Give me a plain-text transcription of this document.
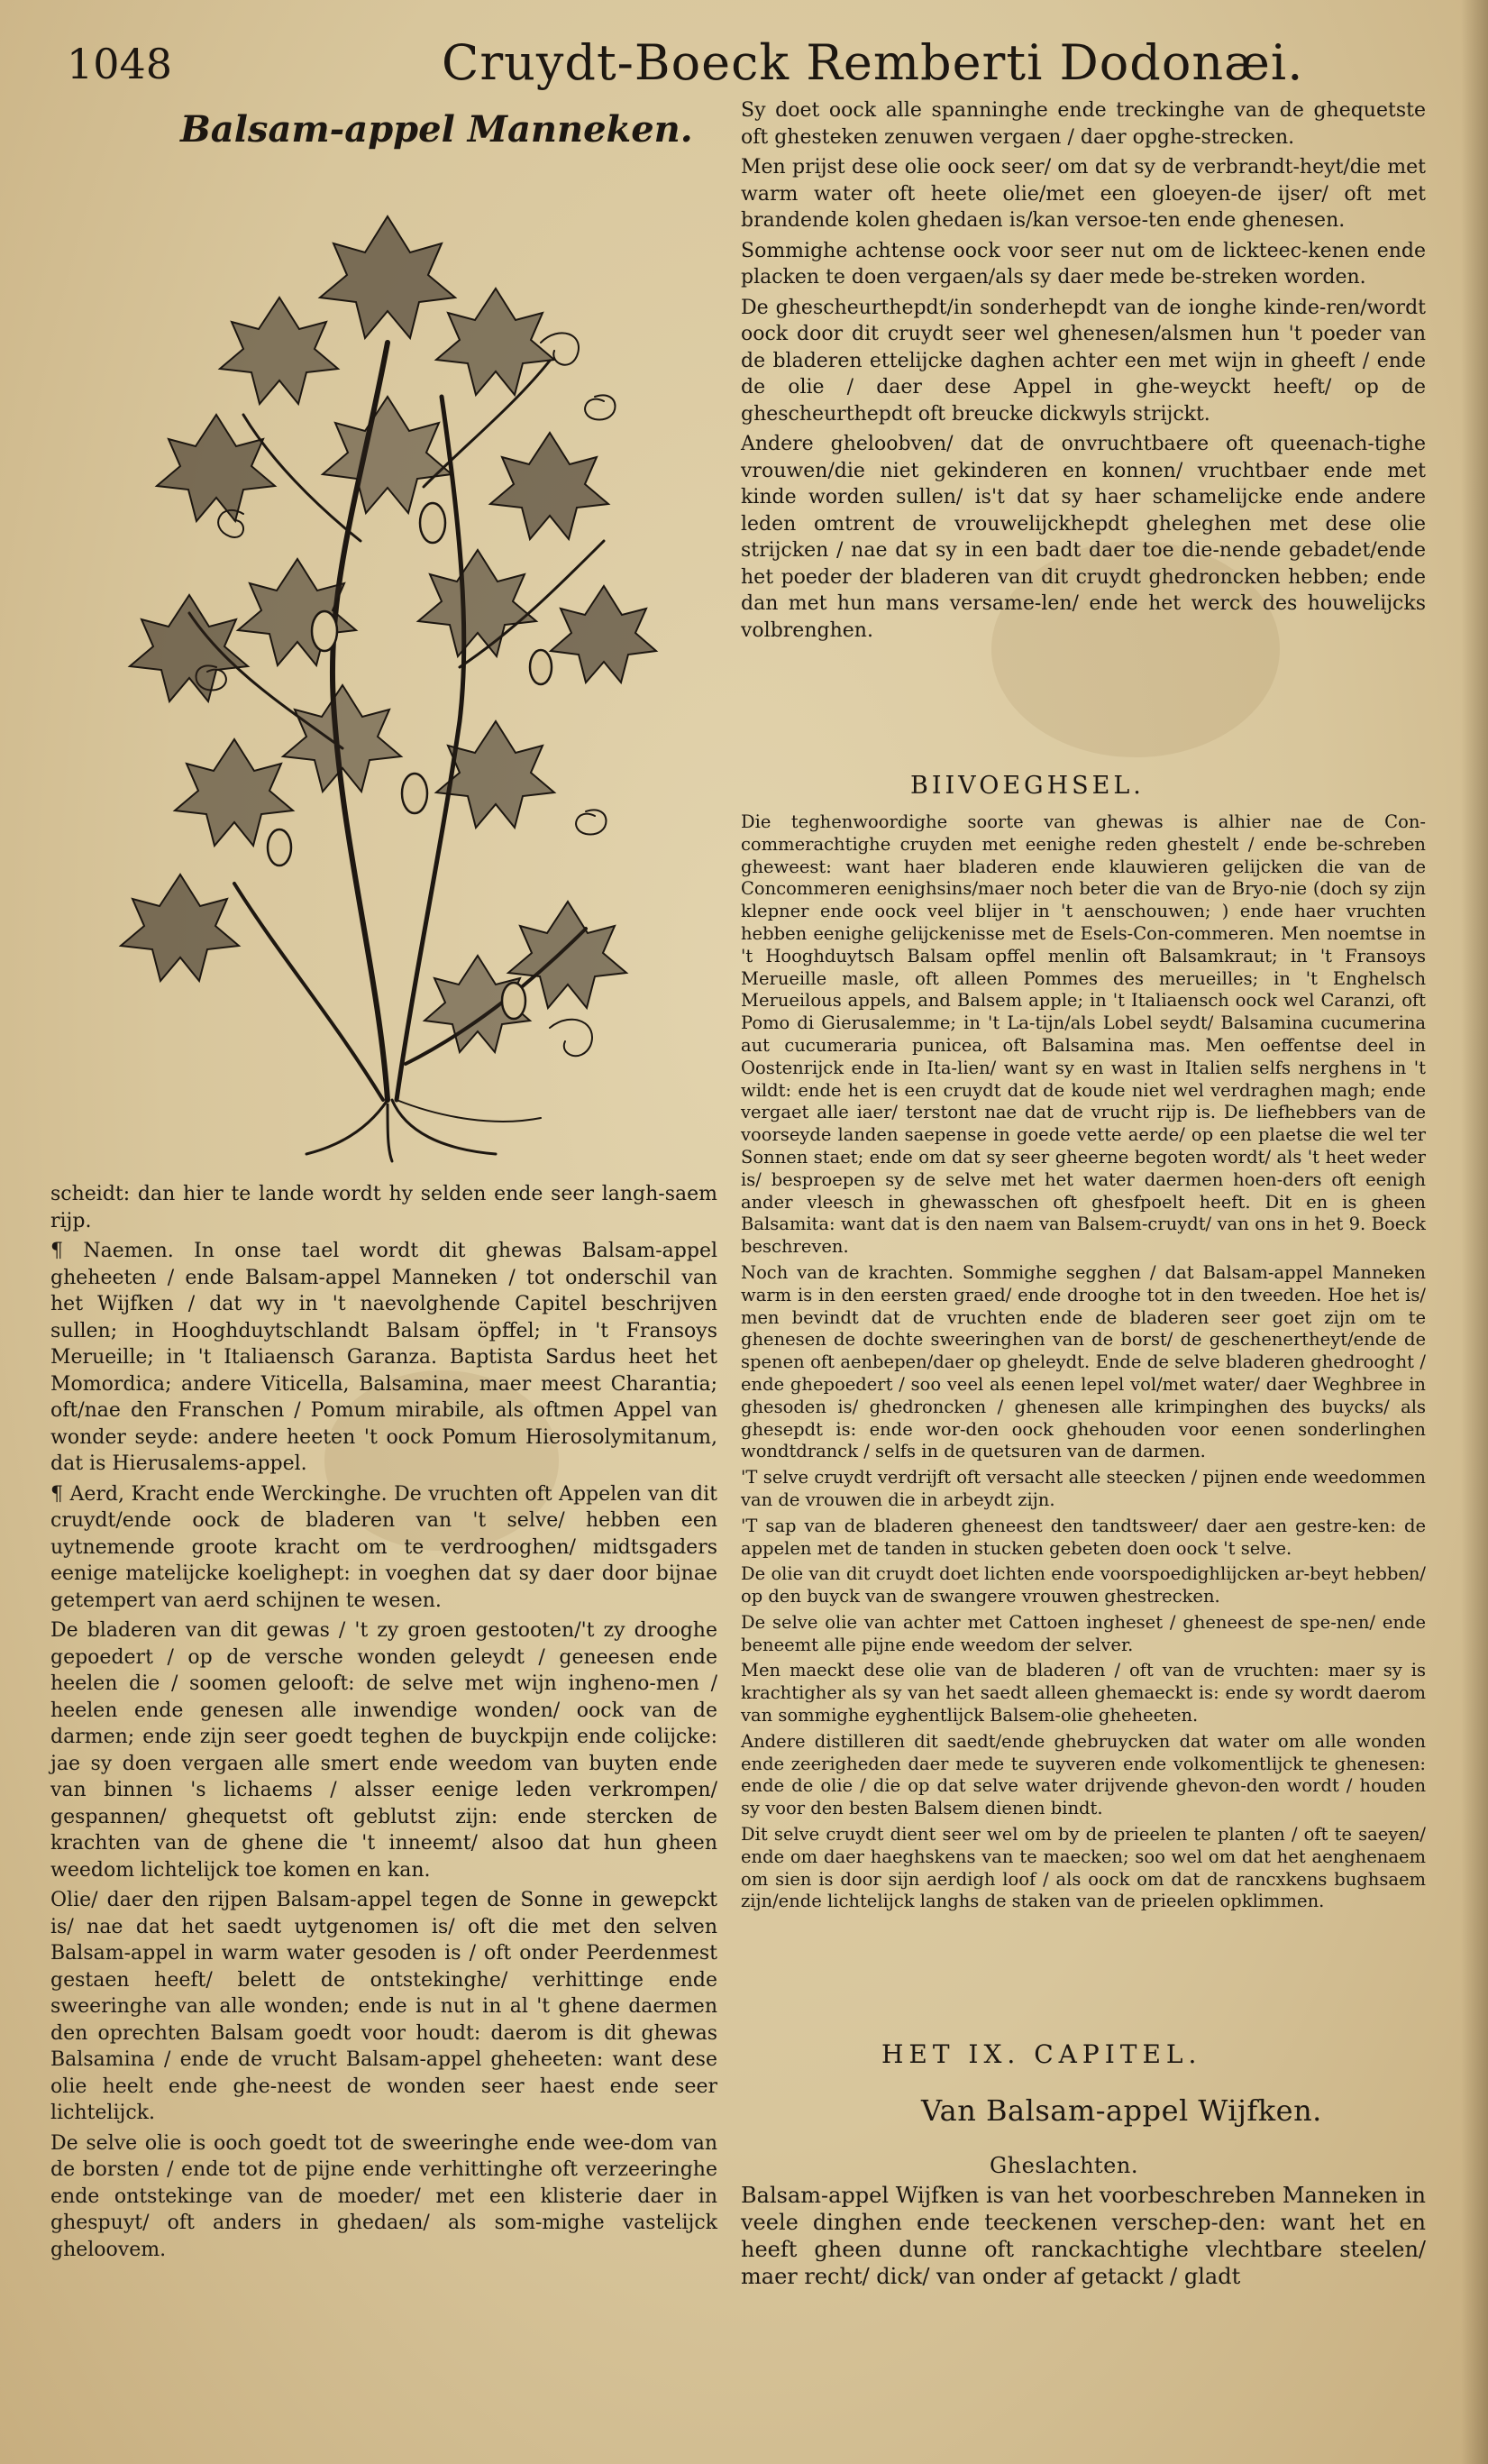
1048	Cruydt-Boeck Remberti Dodonæi.
Balsam-appel Manneken.

scheidt: dan hier te lande wordt hy selden ende seer langh-saem rijp.

¶ Naemen. In onse tael wordt dit ghewas Balsam-appel gheheeten / ende Balsam-appel Manneken / tot onderschil van het Wijfken / dat wy in 't naevolghende Capitel beschrijven sullen; in Hooghduytschlandt Balsam öpffel; in 't Fransoys Merueille; in 't Italiaensch Garanza. Baptista Sardus heet het Momordica; andere Viticella, Balsamina, maer meest Charantia; oft/nae den Franschen / Pomum mirabile, als oftmen Appel van wonder seyde: andere heeten 't oock Pomum Hierosolymitanum, dat is Hierusalems-appel.

¶ Aerd, Kracht ende Werckinghe. De vruchten oft Appelen van dit cruydt/ende oock de bladeren van 't selve/ hebben een uytnemende groote kracht om te verdrooghen/ midtsgaders eenige matelijcke koelighept: in voeghen dat sy daer door bijnae getempert van aerd schijnen te wesen.

De bladeren van dit gewas / 't zy groen gestooten/'t zy drooghe gepoedert / op de versche wonden geleydt / geneesen ende heelen die / soomen gelooft: de selve met wijn ingheno-men / heelen ende genesen alle inwendige wonden/ oock van de darmen; ende zijn seer goedt teghen de buyckpijn ende colijcke: jae sy doen vergaen alle smert ende weedom van buyten ende van binnen 's lichaems / alsser eenige leden verkrompen/ gespannen/ ghequetst oft geblutst zijn: ende stercken de krachten van de ghene die 't inneemt/ alsoo dat hun gheen weedom lichtelijck toe komen en kan.

Olie/ daer den rijpen Balsam-appel tegen de Sonne in gewepckt is/ nae dat het saedt uytgenomen is/ oft die met den selven Balsam-appel in warm water gesoden is / oft onder Peerdenmest gestaen heeft/ belett de ontstekinghe/ verhittinge ende sweeringhe van alle wonden; ende is nut in al 't ghene daermen den oprechten Balsam goedt voor houdt: daerom is dit ghewas Balsamina / ende de vrucht Balsam-appel gheheeten: want dese olie heelt ende ghe-neest de wonden seer haest ende seer lichtelijck.

De selve olie is ooch goedt tot de sweeringhe ende wee-dom van de borsten / ende tot de pijne ende verhittinghe oft verzeeringhe ende ontstekinge van de moeder/ met een klisterie daer in ghespuyt/ oft anders in ghedaen/ als som-mighe vastelijck gheloovem.

Sy doet oock alle spanninghe ende treckinghe van de ghequetste oft ghesteken zenuwen vergaen / daer opghe-strecken.

Men prijst dese olie oock seer/ om dat sy de verbrandt-heyt/die met warm water oft heete olie/met een gloeyen-de ijser/ oft met brandende kolen ghedaen is/kan versoe-ten ende ghenesen.

Sommighe achtense oock voor seer nut om de lickteec-kenen ende placken te doen vergaen/als sy daer mede be-streken worden.

De ghescheurthepdt/in sonderhepdt van de ionghe kinde-ren/wordt oock door dit cruydt seer wel ghenesen/alsmen hun 't poeder van de bladeren ettelijcke daghen achter een met wijn in gheeft / ende de olie / daer dese Appel in ghe-weyckt heeft/ op de ghescheurthepdt oft breucke dickwyls strijckt.

Andere gheloobven/ dat de onvruchtbaere oft queenach-tighe vrouwen/die niet gekinderen en konnen/ vruchtbaer ende met kinde worden sullen/ is't dat sy haer schamelijcke ende andere leden omtrent de vrouwelijckhepdt gheleghen met dese olie strijcken / nae dat sy in een badt daer toe die-nende gebadet/ende het poeder der bladeren van dit cruydt ghedroncken hebben; ende dan met hun mans versame-len/ ende het werck des houwelijcks volbrenghen.

BIIVOEGHSEL.

Die teghenwoordighe soorte van ghewas is alhier nae de Con-commerachtighe cruyden met eenighe reden ghestelt / ende be-schreben gheweest: want haer bladeren ende klauwieren gelijcken die van de Concommeren eenighsins/maer noch beter die van de Bryo-nie (doch sy zijn klepner ende oock veel blijer in 't aenschouwen; ) ende haer vruchten hebben eenighe gelijckenisse met de Esels-Con-commeren. Men noemtse in 't Hooghduytsch Balsam opffel menlin oft Balsamkraut; in 't Fransoys Merueille masle, oft alleen Pommes des merueilles; in 't Enghelsch Merueilous appels, and Balsem apple; in 't Italiaensch oock wel Caranzi, oft Pomo di Gierusalemme; in 't La-tijn/als Lobel seydt/ Balsamina cucumerina aut cucumeraria punicea, oft Balsamina mas. Men oeffentse deel in Oostenrijck ende in Ita-lien/ want sy en wast in Italien selfs nerghens in 't wildt: ende het is een cruydt dat de koude niet wel verdraghen magh; ende vergaet alle iaer/ terstont nae dat de vrucht rijp is. De liefhebbers van de voorseyde landen saepense in goede vette aerde/ op een plaetse die wel ter Sonnen staet; ende om dat sy seer gheerne begoten wordt/ als 't heet weder is/ besproepen sy de selve met het water daermen hoen-ders oft eenigh ander vleesch in ghewasschen oft ghesfpoelt heeft. Dit en is gheen Balsamita: want dat is den naem van Balsem-cruydt/ van ons in het 9. Boeck beschreven.

Noch van de krachten. Sommighe segghen / dat Balsam-appel Manneken warm is in den eersten graed/ ende drooghe tot in den tweeden. Hoe het is/ men bevindt dat de vruchten ende de bladeren seer goet zijn om te ghenesen de dochte sweeringhen van de borst/ de geschenertheyt/ende de spenen oft aenbepen/daer op gheleydt. Ende de selve bladeren ghedrooght / ende ghepoedert / soo veel als eenen lepel vol/met water/ daer Weghbree in ghesoden is/ ghedroncken / ghenesen alle krimpinghen des buycks/ als ghesepdt is: ende wor-den oock ghehouden voor eenen sonderlinghen wondtdranck / selfs in de quetsuren van de darmen.

'T selve cruydt verdrijft oft versacht alle steecken / pijnen ende weedommen van de vrouwen die in arbeydt zijn.

'T sap van de bladeren gheneest den tandtsweer/ daer aen gestre-ken: de appelen met de tanden in stucken gebeten doen oock 't selve.

De olie van dit cruydt doet lichten ende voorspoedighlijcken ar-beyt hebben/ op den buyck van de swangere vrouwen ghestrecken.

De selve olie van achter met Cattoen ingheset / gheneest de spe-nen/ ende beneemt alle pijne ende weedom der selver.

Men maeckt dese olie van de bladeren / oft van de vruchten: maer sy is krachtigher als sy van het saedt alleen ghemaeckt is: ende sy wordt daerom van sommighe eyghentlijck Balsem-olie gheheeten.

Andere distilleren dit saedt/ende ghebruycken dat water om alle wonden ende zeerigheden daer mede te suyveren ende volkomentlijck te ghenesen: ende de olie / die op dat selve water drijvende ghevon-den wordt / houden sy voor den besten Balsem dienen bindt.

Dit selve cruydt dient seer wel om by de prieelen te planten / oft te saeyen/ ende om daer haeghskens van te maecken; soo wel om dat het aenghenaem om sien is door sijn aerdigh loof / als oock om dat de rancxkens bughsaem zijn/ende lichtelijck langhs de staken van de prieelen opklimmen.

HET IX. CAPITEL.
Van Balsam-appel Wijfken.
Gheslachten.

Balsam-appel Wijfken is van het voorbeschreben Manneken in veele dinghen ende teeckenen verschep-den: want het en heeft gheen dunne oft ranckachtighe vlechtbare steelen/ maer recht/ dick/ van onder af getackt / gladt
